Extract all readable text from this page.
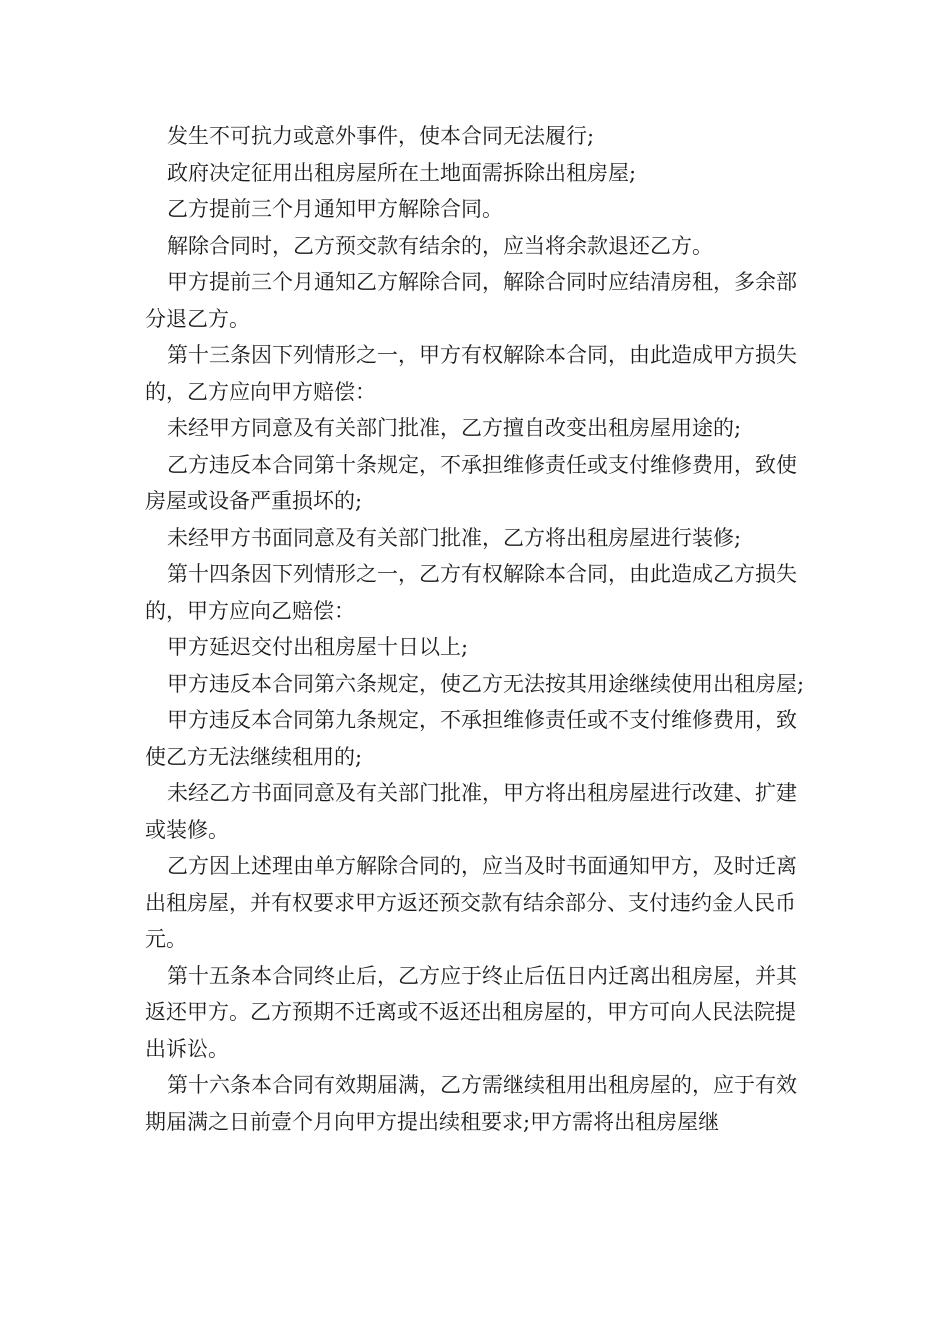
发生不可抗力或意外事件，使本合同无法履行;

政府决定征用出租房屋所在土地面需拆除出租房屋;

乙方提前三个月通知甲方解除合同。

解除合同时，乙方预交款有结余的，应当将余款退还乙方。

甲方提前三个月通知乙方解除合同，解除合同时应结清房租，多余部分退乙方。

第十三条因下列情形之一，甲方有权解除本合同，由此造成甲方损失的，乙方应向甲方赔偿：

未经甲方同意及有关部门批准，乙方擅自改变出租房屋用途的;

乙方违反本合同第十条规定，不承担维修责任或支付维修费用，致使房屋或设备严重损坏的;

未经甲方书面同意及有关部门批准，乙方将出租房屋进行装修;

第十四条因下列情形之一，乙方有权解除本合同，由此造成乙方损失的，甲方应向乙赔偿：

甲方延迟交付出租房屋十日以上;

甲方违反本合同第六条规定，使乙方无法按其用途继续使用出租房屋;

甲方违反本合同第九条规定，不承担维修责任或不支付维修费用，致使乙方无法继续租用的;

未经乙方书面同意及有关部门批准，甲方将出租房屋进行改建、扩建或装修。

乙方因上述理由单方解除合同的，应当及时书面通知甲方，及时迁离出租房屋，并有权要求甲方返还预交款有结余部分、支付违约金人民币元。

第十五条本合同终止后，乙方应于终止后伍日内迁离出租房屋，并其返还甲方。乙方预期不迁离或不返还出租房屋的，甲方可向人民法院提出诉讼。

第十六条本合同有效期届满，乙方需继续租用出租房屋的，应于有效期届满之日前壹个月向甲方提出续租要求;甲方需将出租房屋继
